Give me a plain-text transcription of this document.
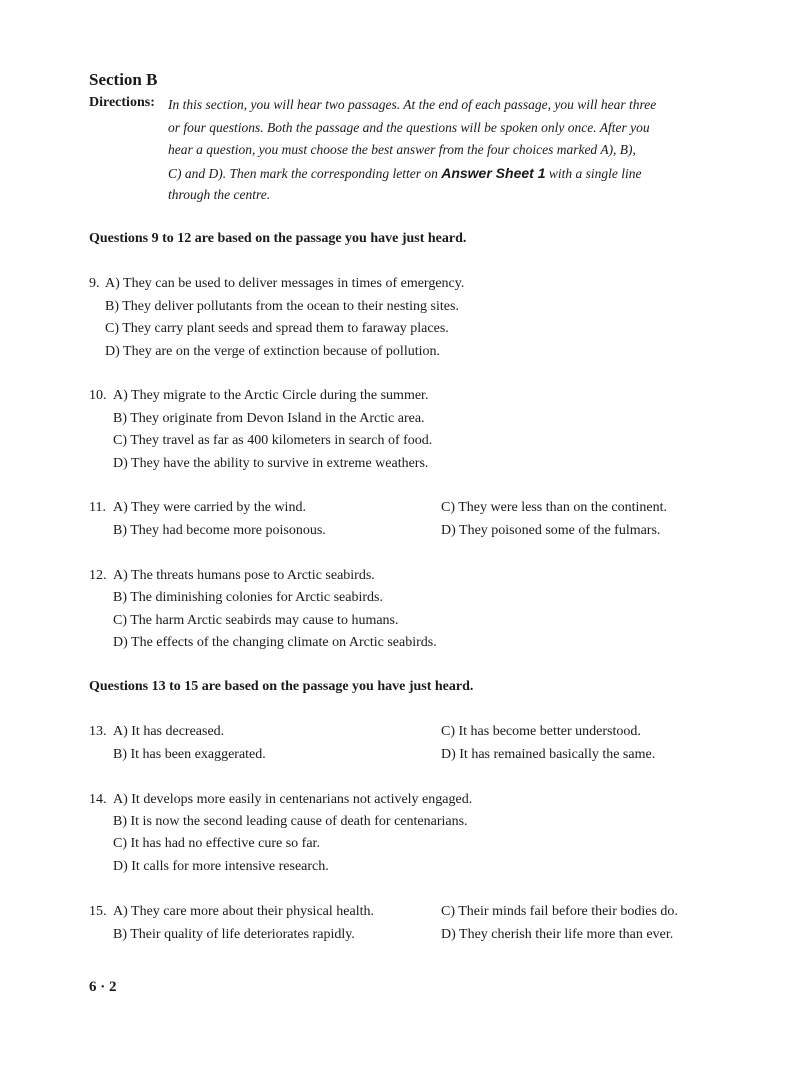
Section B
Directions: In this section, you will hear two passages. At the end of each passage, you will hear three
or four questions. Both the passage and the questions will be spoken only once. After you
hear a question, you must choose the best answer from the four choices marked A), B),
C) and D). Then mark the corresponding letter on Answer Sheet 1 with a single line
through the centre.
Questions 9 to 12 are based on the passage you have just heard.
9. A) They can be used to deliver messages in times of emergency.
B) They deliver pollutants from the ocean to their nesting sites.
C) They carry plant seeds and spread them to faraway places.
D) They are on the verge of extinction because of pollution.
10. A) They migrate to the Arctic Circle during the summer.
B) They originate from Devon Island in the Arctic area.
C) They travel as far as 400 kilometers in search of food.
D) They have the ability to survive in extreme weathers.
11. A) They were carried by the wind.
B) They had become more poisonous.
C) They were less than on the continent.
D) They poisoned some of the fulmars.
12. A) The threats humans pose to Arctic seabirds.
B) The diminishing colonies for Arctic seabirds.
C) The harm Arctic seabirds may cause to humans.
D) The effects of the changing climate on Arctic seabirds.
Questions 13 to 15 are based on the passage you have just heard.
13. A) It has decreased.
B) It has been exaggerated.
C) It has become better understood.
D) It has remained basically the same.
14. A) It develops more easily in centenarians not actively engaged.
B) It is now the second leading cause of death for centenarians.
C) It has had no effective cure so far.
D) It calls for more intensive research.
15. A) They care more about their physical health.
B) Their quality of life deteriorates rapidly.
C) Their minds fail before their bodies do.
D) They cherish their life more than ever.
6 · 2
